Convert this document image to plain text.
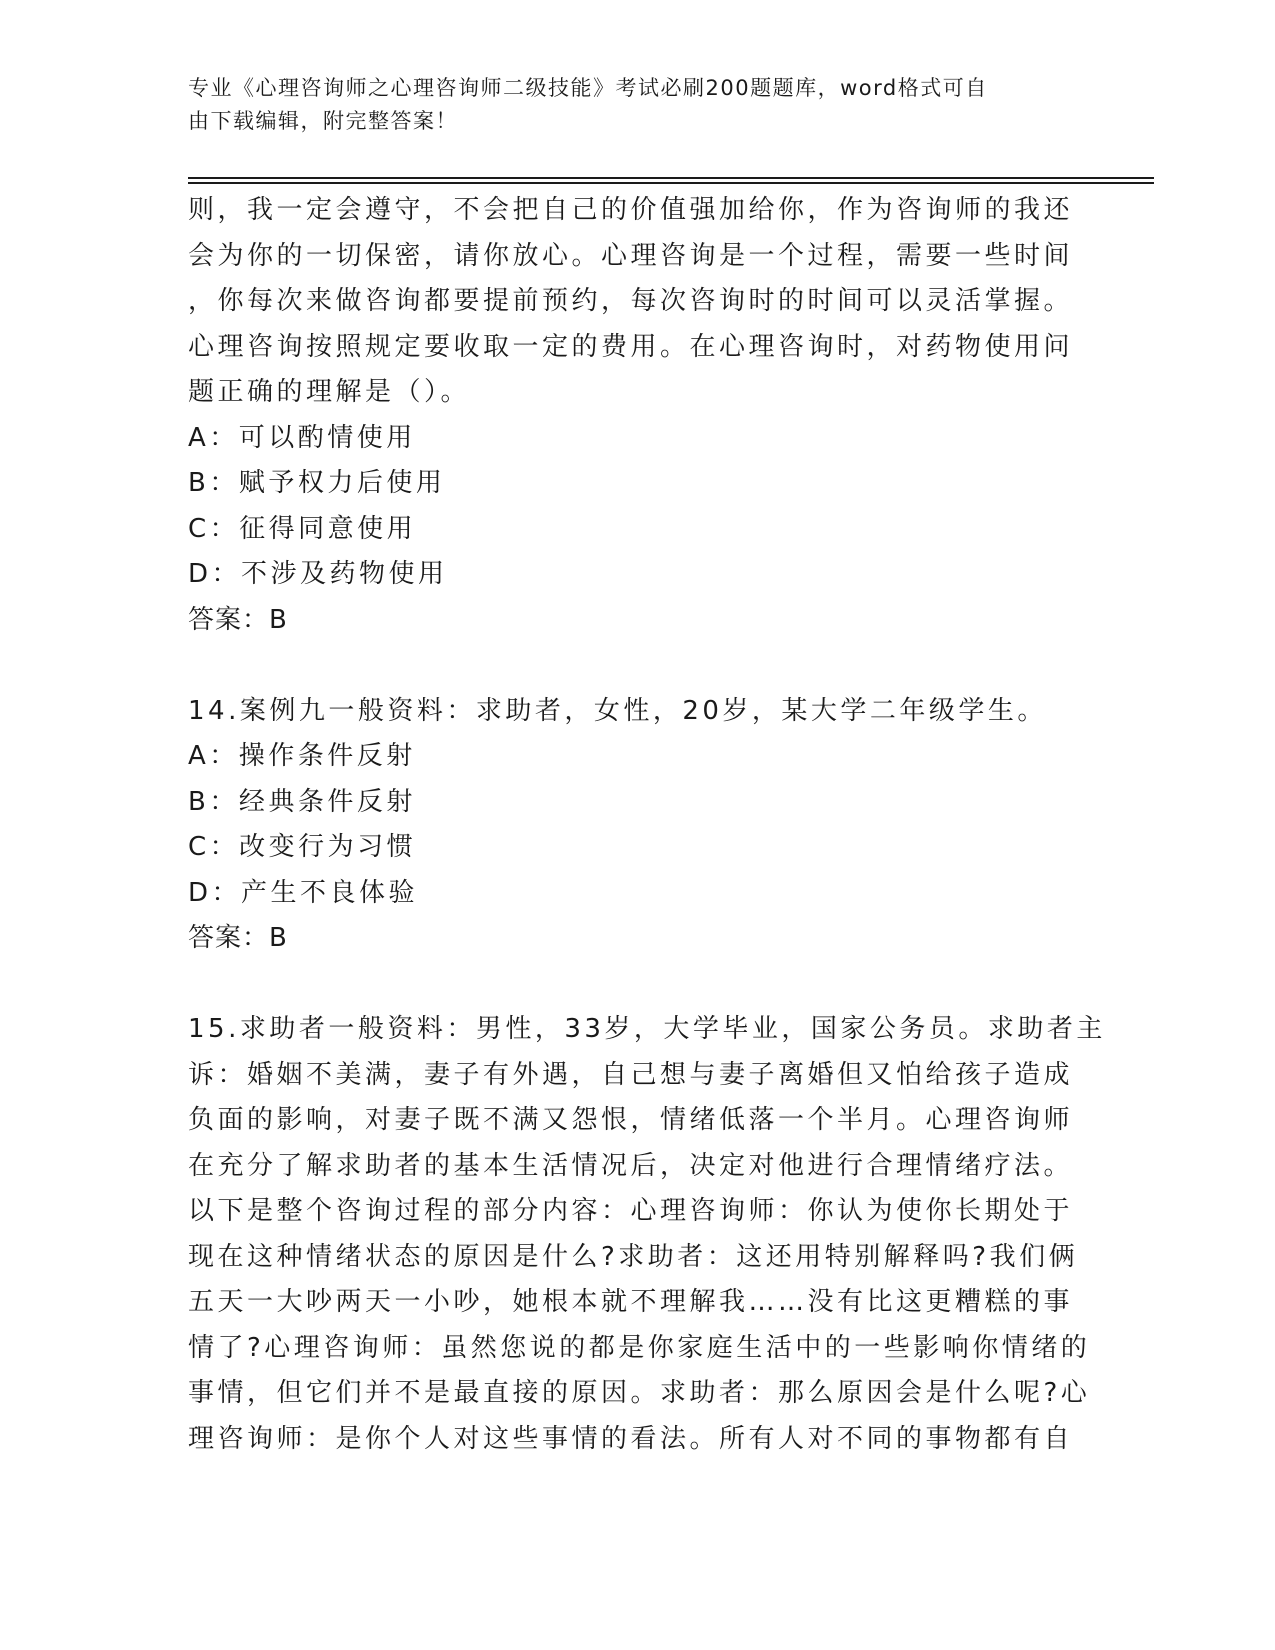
专业《心理咨询师之心理咨询师二级技能》考试必刷200题题库，word格式可自
由下载编辑，附完整答案！
则，我一定会遵守，不会把自己的价值强加给你，作为咨询师的我还
会为你的一切保密，请你放心。心理咨询是一个过程，需要一些时间
，你每次来做咨询都要提前预约，每次咨询时的时间可以灵活掌握。
心理咨询按照规定要收取一定的费用。在心理咨询时，对药物使用问
题正确的理解是（）。
A：可以酌情使用
B：赋予权力后使用
C：征得同意使用
D：不涉及药物使用
答案：B
14.案例九一般资料：求助者，女性，20岁，某大学二年级学生。
A：操作条件反射
B：经典条件反射
C：改变行为习惯
D：产生不良体验
答案：B
15.求助者一般资料：男性，33岁，大学毕业，国家公务员。求助者主
诉：婚姻不美满，妻子有外遇，自己想与妻子离婚但又怕给孩子造成
负面的影响，对妻子既不满又怨恨，情绪低落一个半月。心理咨询师
在充分了解求助者的基本生活情况后，决定对他进行合理情绪疗法。
以下是整个咨询过程的部分内容：心理咨询师：你认为使你长期处于
现在这种情绪状态的原因是什么?求助者：这还用特别解释吗?我们俩
五天一大吵两天一小吵，她根本就不理解我……没有比这更糟糕的事
情了?心理咨询师：虽然您说的都是你家庭生活中的一些影响你情绪的
事情，但它们并不是最直接的原因。求助者：那么原因会是什么呢?心
理咨询师：是你个人对这些事情的看法。所有人对不同的事物都有自
